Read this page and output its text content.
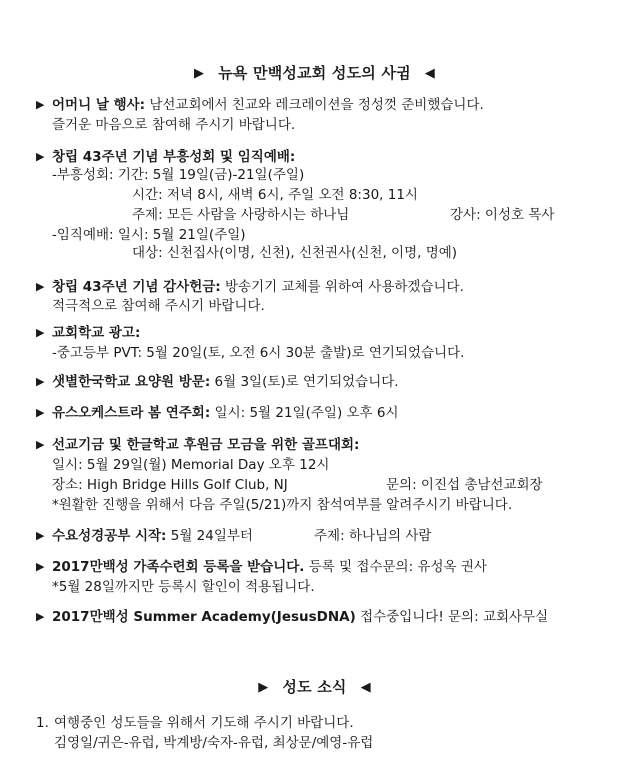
▶ 뉴욕 만백성교회 성도의 사귐 ◀
▶ 어머니 날 행사: 남선교회에서 친교와 레크레이션을 정성껏 준비했습니다.
즐거운 마음으로 참여해 주시기 바랍니다.
▶ 창립 43주년 기념 부흥성회 및 임직예배:
-부흥성회: 기간: 5월 19일(금)-21일(주일)
시간: 저녁 8시, 새벽 6시, 주일 오전 8:30, 11시
주제: 모든 사람을 사랑하시는 하나님	강사: 이성호 목사
-임직예배: 일시: 5월 21일(주일)
대상: 신천집사(이명, 신천), 신천권사(신천, 이명, 명예)
▶ 창립 43주년 기념 감사헌금: 방송기기 교체를 위하여 사용하겠습니다.
적극적으로 참여해 주시기 바랍니다.
▶ 교회학교 광고:
-중고등부 PVT: 5월 20일(토, 오전 6시 30분 출발)로 연기되었습니다.
▶ 샛별한국학교 요양원 방문: 6월 3일(토)로 연기되었습니다.
▶ 유스오케스트라 봄 연주회: 일시: 5월 21일(주일) 오후 6시
▶ 선교기금 및 한글학교 후원금 모금을 위한 골프대회:
일시: 5월 29일(월) Memorial Day 오후 12시
장소: High Bridge Hills Golf Club, NJ	문의: 이진섭 총남선교회장
*원활한 진행을 위해서 다음 주일(5/21)까지 참석여부를 알려주시기 바랍니다.
▶ 수요성경공부 시작: 5월 24일부터	주제: 하나님의 사람
▶ 2017만백성 가족수련회 등록을 받습니다. 등록 및 접수문의: 유성옥 권사
*5월 28일까지만 등록시 할인이 적용됩니다.
▶ 2017만백성 Summer Academy(JesusDNA) 접수중입니다! 문의: 교회사무실
▶ 성도 소식 ◀
1. 여행중인 성도들을 위해서 기도해 주시기 바랍니다.
김영일/귀은-유럽, 박계방/숙자-유럽, 최상문/예영-유럽
